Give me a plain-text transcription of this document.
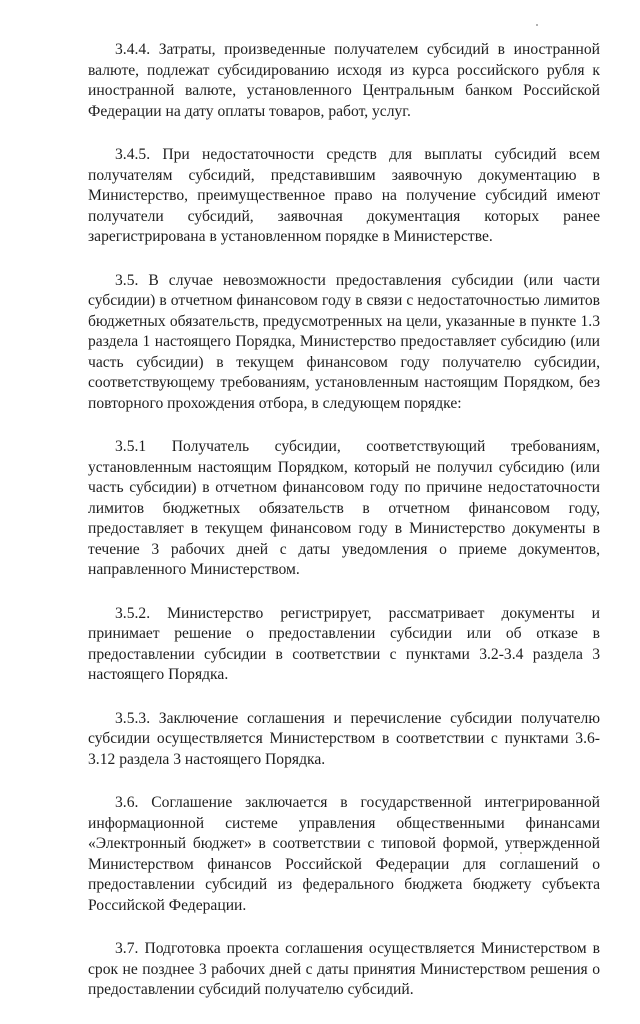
3.4.4. Затраты, произведенные получателем субсидий в иностранной валюте, подлежат субсидированию исходя из курса российского рубля к иностранной валюте, установленного Центральным банком Российской Федерации на дату оплаты товаров, работ, услуг.

3.4.5. При недостаточности средств для выплаты субсидий всем получателям субсидий, представившим заявочную документацию в Министерство, преимущественное право на получение субсидий имеют получатели субсидий, заявочная документация которых ранее зарегистрирована в установленном порядке в Министерстве.

3.5. В случае невозможности предоставления субсидии (или части субсидии) в отчетном финансовом году в связи с недостаточностью лимитов бюджетных обязательств, предусмотренных на цели, указанные в пункте 1.3 раздела 1 настоящего Порядка, Министерство предоставляет субсидию (или часть субсидии) в текущем финансовом году получателю субсидии, соответствующему требованиям, установленным настоящим Порядком, без повторного прохождения отбора, в следующем порядке:

3.5.1 Получатель субсидии, соответствующий требованиям, установленным настоящим Порядком, который не получил субсидию (или часть субсидии) в отчетном финансовом году по причине недостаточности лимитов бюджетных обязательств в отчетном финансовом году, предоставляет в текущем финансовом году в Министерство документы в течение 3 рабочих дней с даты уведомления о приеме документов, направленного Министерством.

3.5.2. Министерство регистрирует, рассматривает документы и принимает решение о предоставлении субсидии или об отказе в предоставлении субсидии в соответствии с пунктами 3.2-3.4 раздела 3 настоящего Порядка.

3.5.3. Заключение соглашения и перечисление субсидии получателю субсидии осуществляется Министерством в соответствии с пунктами 3.6-3.12 раздела 3 настоящего Порядка.

3.6. Соглашение заключается в государственной интегрированной информационной системе управления общественными финансами «Электронный бюджет» в соответствии с типовой формой, утвержденной Министерством финансов Российской Федерации для соглашений о предоставлении субсидий из федерального бюджета бюджету субъекта Российской Федерации.

3.7. Подготовка проекта соглашения осуществляется Министерством в срок не позднее 3 рабочих дней с даты принятия Министерством решения о предоставлении субсидий получателю субсидий.
